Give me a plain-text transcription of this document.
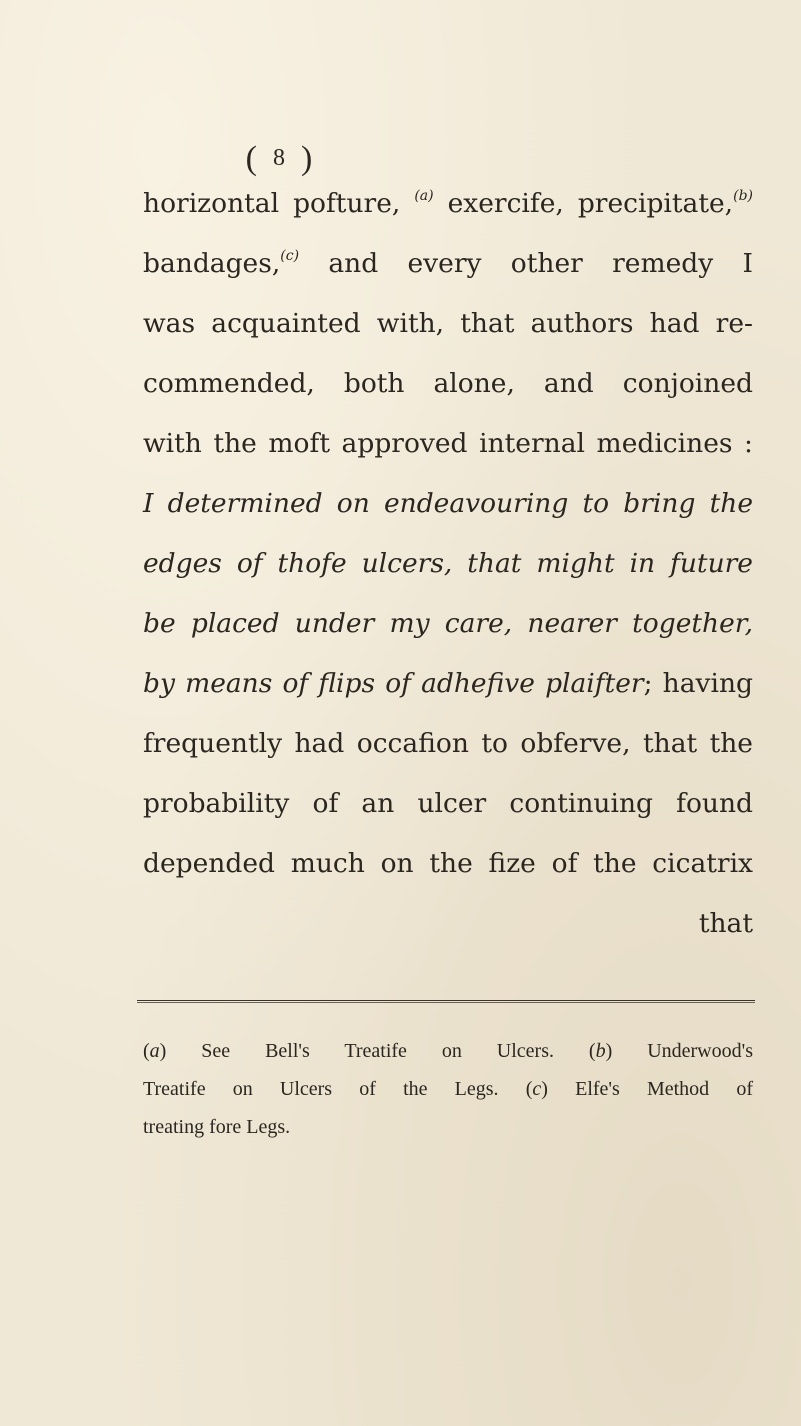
( 8 )
horizontal pofture, $^{(a)}$ exercife, precipitate,$^{(b)}$
bandages,$^{(c)}$ and every other remedy I
was acquainted with, that authors had re-
commended, both alone, and conjoined
with the moft approved internal medicines :
I determined on endeavouring to bring the
edges of thofe ulcers, that might in future
be placed under my care, nearer together,
by means of flips of adhefive plaifter; having
frequently had occafion to obferve, that the
probability of an ulcer continuing found
depended much on the fize of the cicatrix
that
(a) See Bell's Treatife on Ulcers. (b) Underwood's
Treatife on Ulcers of the Legs. (c) Elfe's Method of
treating fore Legs.
